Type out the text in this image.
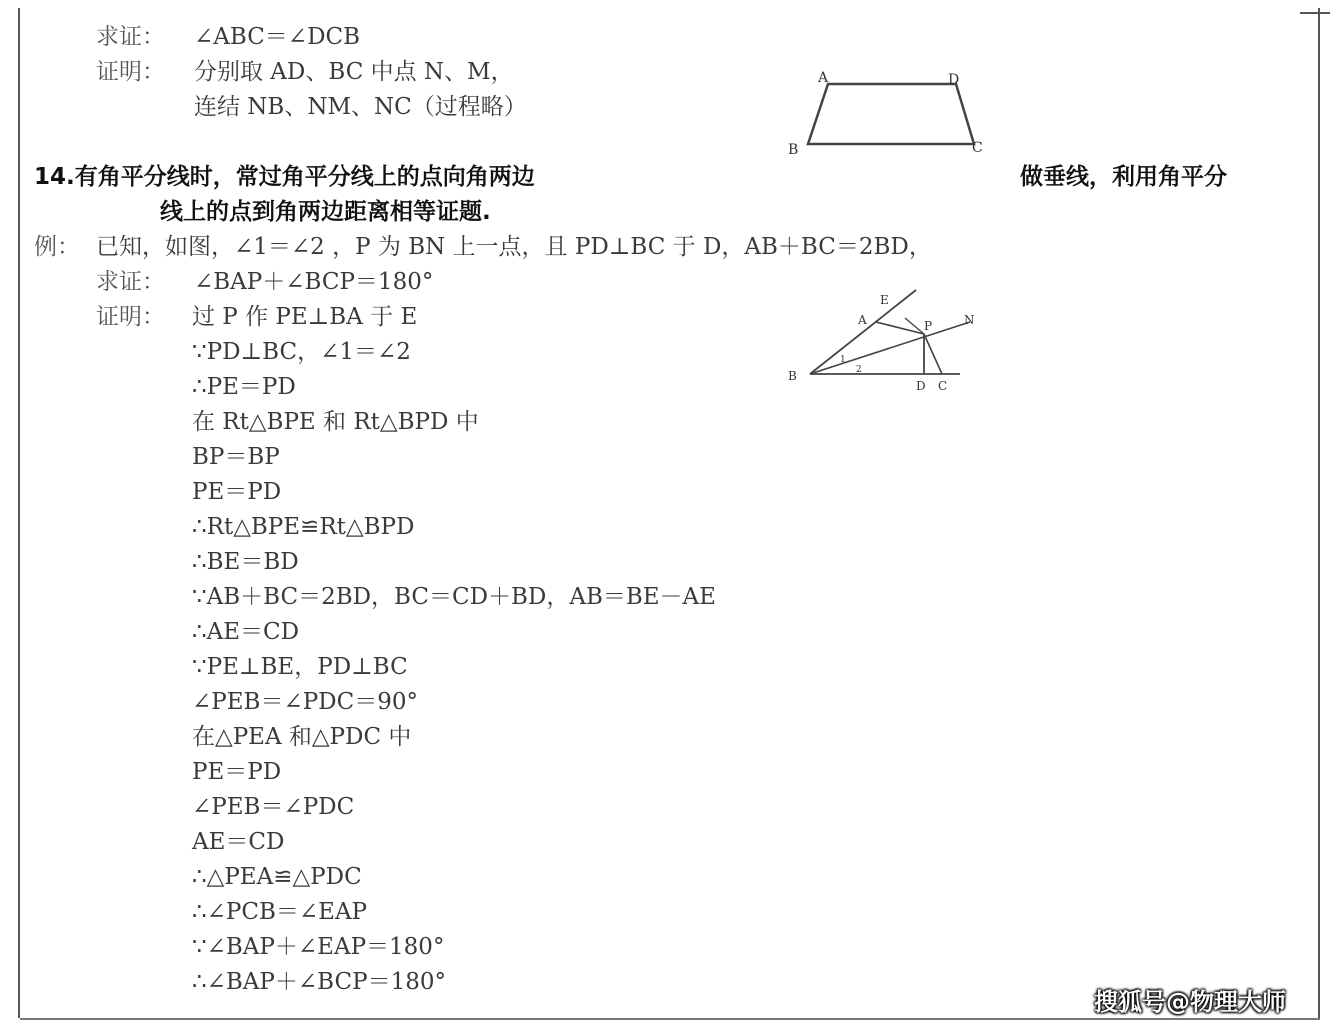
求证： ∠ABC＝∠DCB
证明： 分别取 AD、BC 中点 N、M，
连结 NB、NM、NC（过程略）
A	D
B	C
14.有角平分线时，常过角平分线上的点向角两边	做垂线，利用角平分
线上的点到角两边距离相等证题.
例： 已知，如图，∠1＝∠2 ，P 为 BN 上一点，且 PD⊥BC 于 D，AB＋BC＝2BD，
求证： ∠BAP＋∠BCP＝180°
证明： 过 P 作 PE⊥BA 于 E
∵PD⊥BC，∠1＝∠2
∴PE＝PD
在 Rt△BPE 和 Rt△BPD 中
BP＝BP
PE＝PD
∴Rt△BPE≌Rt△BPD
∴BE＝BD
∵AB＋BC＝2BD，BC＝CD＋BD，AB＝BE－AE
∴AE＝CD
∵PE⊥BE，PD⊥BC
∠PEB＝∠PDC＝90°
在△PEA 和△PDC 中
PE＝PD
∠PEB＝∠PDC
AE＝CD
∴△PEA≌△PDC
∴∠PCB＝∠EAP
∵∠BAP＋∠EAP＝180°
∴∠BAP＋∠BCP＝180°
E
A	P	N
B
1
2
D C
搜狐号@物理大师
